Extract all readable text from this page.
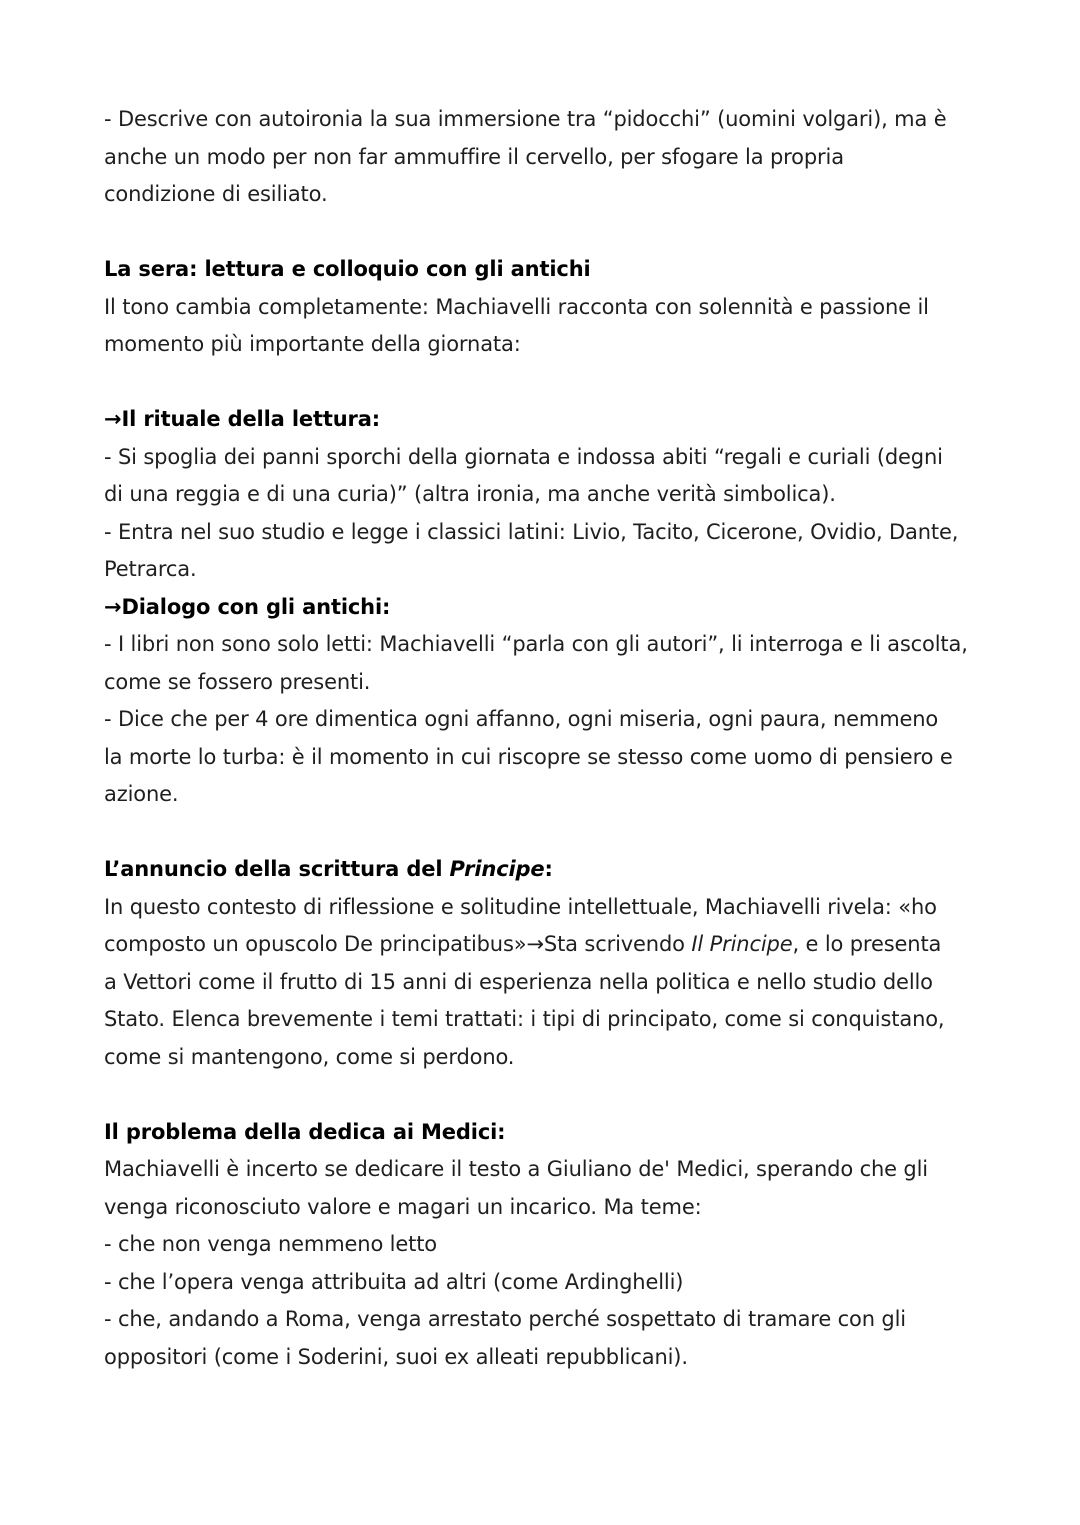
- Descrive con autoironia la sua immersione tra “pidocchi” (uomini volgari), ma è
anche un modo per non far ammuffire il cervello, per sfogare la propria
condizione di esiliato.
La sera: lettura e colloquio con gli antichi
Il tono cambia completamente: Machiavelli racconta con solennità e passione il
momento più importante della giornata:
→Il rituale della lettura:
- Si spoglia dei panni sporchi della giornata e indossa abiti “regali e curiali (degni
di una reggia e di una curia)” (altra ironia, ma anche verità simbolica).
- Entra nel suo studio e legge i classici latini: Livio, Tacito, Cicerone, Ovidio, Dante,
Petrarca.
→Dialogo con gli antichi:
- I libri non sono solo letti: Machiavelli “parla con gli autori”, li interroga e li ascolta,
come se fossero presenti.
- Dice che per 4 ore dimentica ogni affanno, ogni miseria, ogni paura, nemmeno
la morte lo turba: è il momento in cui riscopre se stesso come uomo di pensiero e
azione.
L’annuncio della scrittura del Principe:
In questo contesto di riflessione e solitudine intellettuale, Machiavelli rivela: «ho
composto un opuscolo De principatibus»→Sta scrivendo Il Principe, e lo presenta
a Vettori come il frutto di 15 anni di esperienza nella politica e nello studio dello
Stato. Elenca brevemente i temi trattati: i tipi di principato, come si conquistano,
come si mantengono, come si perdono.
Il problema della dedica ai Medici:
Machiavelli è incerto se dedicare il testo a Giuliano de' Medici, sperando che gli
venga riconosciuto valore e magari un incarico. Ma teme:
- che non venga nemmeno letto
- che l’opera venga attribuita ad altri (come Ardinghelli)
- che, andando a Roma, venga arrestato perché sospettato di tramare con gli
oppositori (come i Soderini, suoi ex alleati repubblicani).
